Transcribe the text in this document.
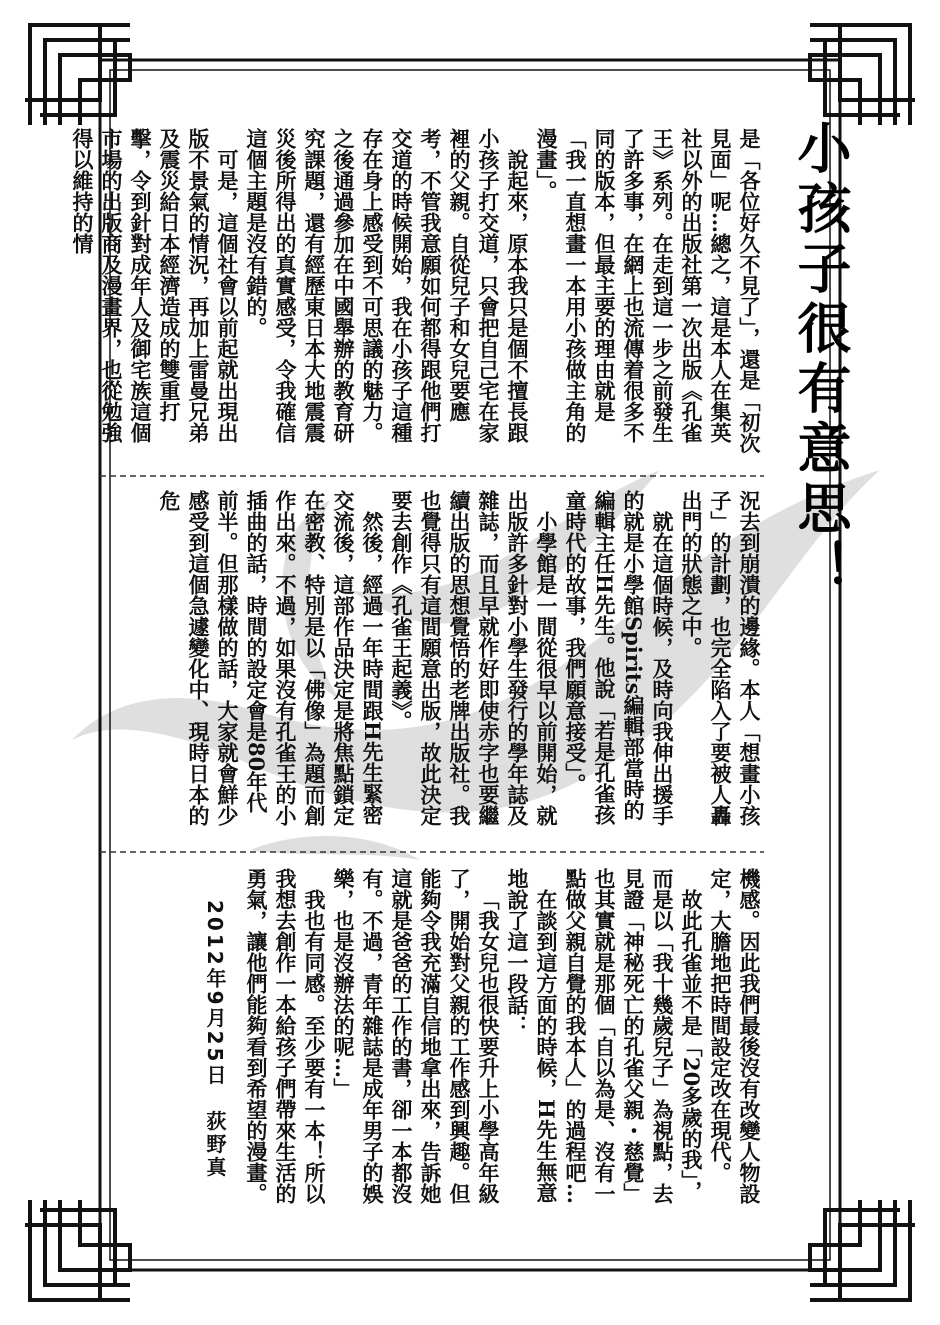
小孩子很有意思！

是「各位好久不見了」，還是「初次見面」呢…總之，這是本人在集英社以外的出版社第一次出版《孔雀王》系列。在走到這一步之前發生了許多事，在網上也流傳着很多不同的版本，但最主要的理由就是「我一直想畫一本用小孩做主角的漫畫」。

說起來，原本我只是個不擅長跟小孩子打交道，只會把自己宅在家裡的父親。自從兒子和女兒要應考，不管我意願如何都得跟他們打交道的時候開始，我在小孩子這種存在身上感受到不可思議的魅力。之後通過參加在中國舉辦的教育研究課題，還有經歷東日本大地震震災後所得出的真實感受，令我確信這個主題是沒有錯的。

可是，這個社會以前起就出現出版不景氣的情況，再加上雷曼兄弟及震災給日本經濟造成的雙重打擊，令到針對成年人及御宅族這個市場的出版商及漫畫界，也從勉強得以維持的情

況去到崩潰的邊緣。本人「想畫小孩子」的計劃，也完全陷入了要被人轟出門的狀態之中。

就在這個時候，及時向我伸出援手的就是小學館Spirits編輯部當時的編輯主任H先生。他說「若是孔雀孩童時代的故事，我們願意接受」。

小學館是一間從很早以前開始，就出版許多針對小學生發行的學年誌及雜誌，而且早就作好即使赤字也要繼續出版的思想覺悟的老牌出版社。我也覺得只有這間願意出版，故此決定要去創作《孔雀王起義》。

然後，經過一年時間跟H先生緊密交流後，這部作品決定是將焦點鎖定在密教、特別是以「佛像」為題而創作出來。不過，如果沒有孔雀王的小插曲的話，時間的設定會是80年代前半。但那樣做的話，大家就會鮮少感受到這個急遽變化中、現時日本的危

機感。因此我們最後沒有改變人物設定，大膽地把時間設定改在現代。

故此孔雀並不是「20多歲的我」，而是以「我十幾歲兒子」為視點，去見證「神秘死亡的孔雀父親・慈覺」也其實就是那個「自以為是、沒有一點做父親自覺的我本人」的過程吧…

在談到這方面的時候，H先生無意地說了這一段話：

「我女兒也很快要升上小學高年級了，開始對父親的工作感到興趣。但能夠令我充滿自信地拿出來，告訴她這就是爸爸的工作的書，卻一本都沒有。不過，青年雜誌是成年男子的娛樂，也是沒辦法的呢…」

我也有同感。至少要有一本！所以我想去創作一本給孩子們帶來生活的勇氣，讓他們能夠看到希望的漫畫。

2012年9月25日　荻野真
